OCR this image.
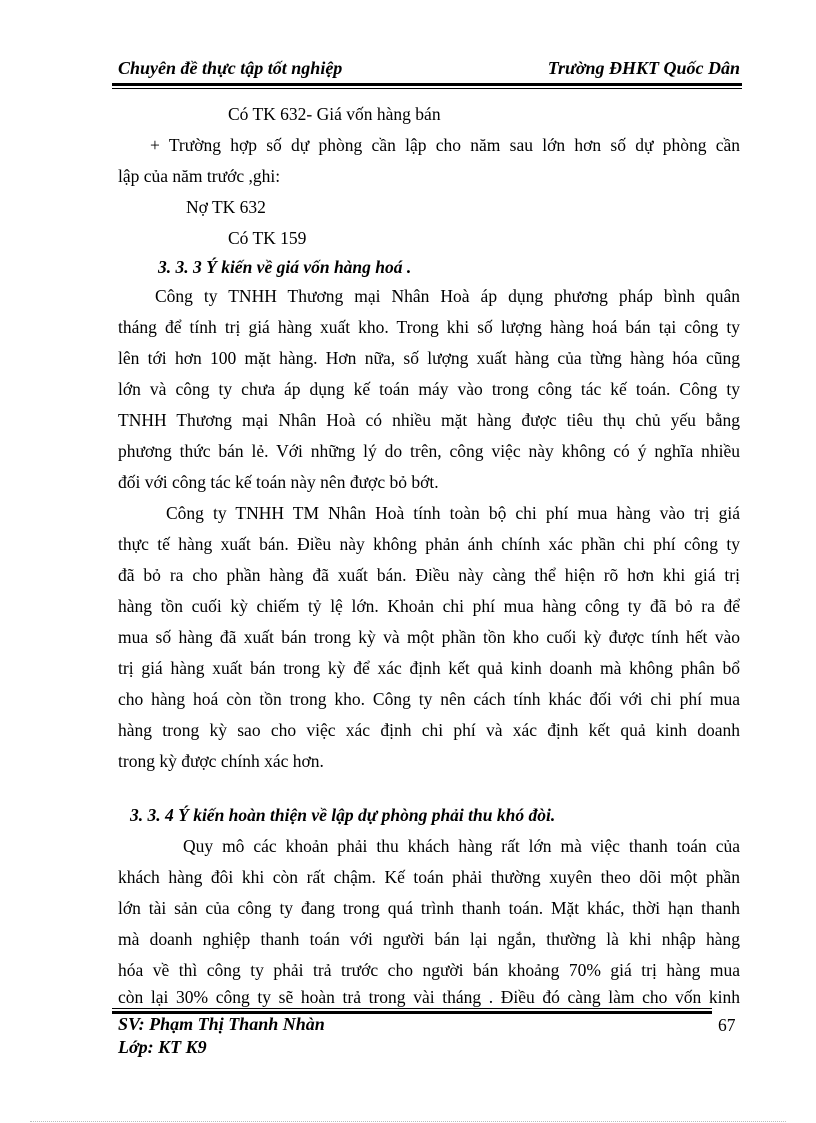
Chuyên đề thực tập tốt nghiệp	Trường ĐHKT Quốc Dân
Có TK 632- Giá vốn hàng bán
+ Trường hợp số dự phòng cần lập cho năm sau lớn hơn số dự phòng cần
lập của năm trước ,ghi:
Nợ TK 632
Có TK 159
3. 3. 3 Ý kiến về giá vốn hàng hoá .
Công ty TNHH Thương mại Nhân Hoà áp dụng phương pháp bình quân
tháng để tính trị giá hàng xuất kho. Trong khi số lượng hàng hoá bán tại công ty
lên tới hơn 100 mặt hàng. Hơn nữa, số lượng xuất hàng của từng hàng hóa cũng
lớn và công ty chưa áp dụng kế toán máy vào trong công tác kế toán. Công ty
TNHH Thương mại Nhân Hoà có nhiều mặt hàng được tiêu thụ chủ yếu bằng
phương thức bán lẻ. Với những lý do trên, công việc này không có ý nghĩa nhiều
đối với công tác kế toán này nên được bỏ bớt.
Công ty TNHH TM Nhân Hoà tính toàn bộ chi phí mua hàng vào trị giá
thực tế hàng xuất bán. Điều này không phản ánh chính xác phần chi phí công ty
đã bỏ ra cho phần hàng đã xuất bán. Điều này càng thể hiện rõ hơn khi giá trị
hàng tồn cuối kỳ chiếm tỷ lệ lớn. Khoản chi phí mua hàng công ty đã bỏ ra để
mua số hàng đã xuất bán trong kỳ và một phần tồn kho cuối kỳ được tính hết vào
trị giá hàng xuất bán trong kỳ để xác định kết quả kinh doanh mà không phân bổ
cho hàng hoá còn tồn trong kho. Công ty nên cách tính khác đối với chi phí mua
hàng trong kỳ sao cho việc xác định chi phí và xác định kết quả kinh doanh
trong kỳ được chính xác hơn.
3. 3. 4 Ý kiến hoàn thiện về lập dự phòng phải thu khó đòi.
Quy mô các khoản phải thu khách hàng rất lớn mà việc thanh toán của
khách hàng đôi khi còn rất chậm. Kế toán phải thường xuyên theo dõi một phần
lớn tài sản của công ty đang trong quá trình thanh toán. Mặt khác, thời hạn thanh
mà doanh nghiệp thanh toán với người bán lại ngắn, thường là khi nhập hàng
hóa về thì công ty phải trả trước cho người bán khoảng 70% giá trị hàng mua
còn lại 30% công ty sẽ hoàn trả trong vài tháng . Điều đó càng làm cho vốn kinh
SV: Phạm Thị Thanh Nhàn
Lớp: KT K9
67
